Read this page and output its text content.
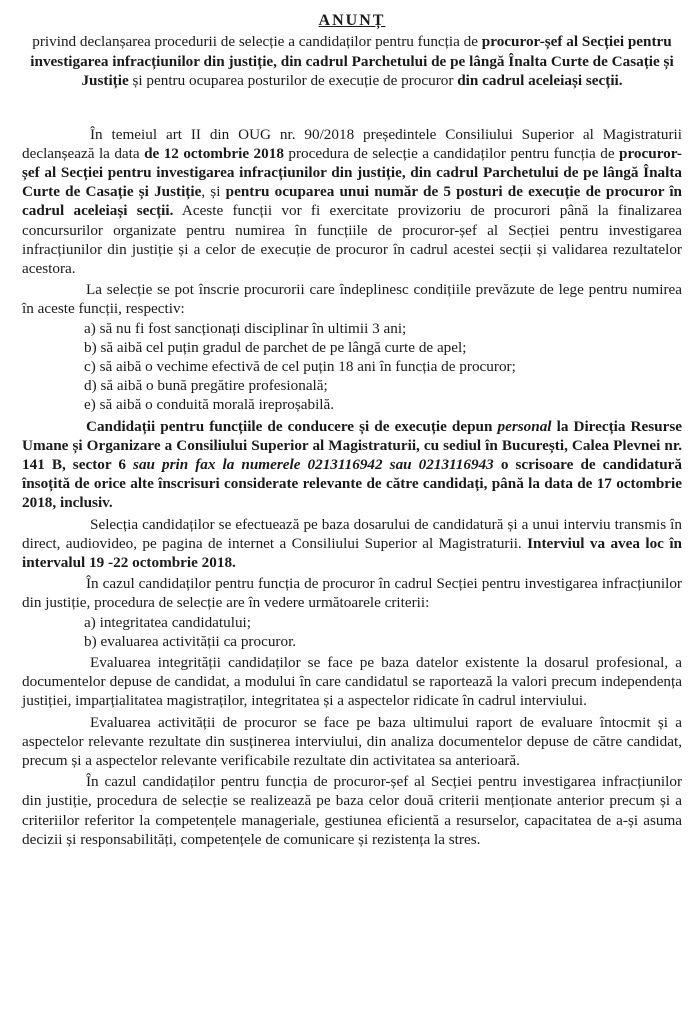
ANUNȚ
privind declanșarea procedurii de selecție a candidaților pentru funcția de procuror-șef al Secției pentru investigarea infracțiunilor din justiție, din cadrul Parchetului de pe lângă Înalta Curte de Casație și Justiție și pentru ocuparea posturilor de execuție de procuror din cadrul aceleiași secții.

În temeiul art II din OUG nr. 90/2018 președintele Consiliului Superior al Magistraturii declanșează la data de 12 octombrie 2018 procedura de selecție a candidaților pentru funcția de procuror-șef al Secției pentru investigarea infracțiunilor din justiție, din cadrul Parchetului de pe lângă Înalta Curte de Casație și Justiție, și pentru ocuparea unui număr de 5 posturi de execuție de procuror în cadrul aceleiași secții. Aceste funcții vor fi exercitate provizoriu de procurori până la finalizarea concursurilor organizate pentru numirea în funcțiile de procuror-șef al Secției pentru investigarea infracțiunilor din justiție și a celor de execuție de procuror în cadrul acestei secții și validarea rezultatelor acestora.

La selecție se pot înscrie procurorii care îndeplinesc condițiile prevăzute de lege pentru numirea în aceste funcții, respectiv:

a) să nu fi fost sancționați disciplinar în ultimii 3 ani;

b) să aibă cel puțin gradul de parchet de pe lângă curte de apel;

c) să aibă o vechime efectivă de cel puțin 18 ani în funcția de procuror;

d) să aibă o bună pregătire profesională;

e) să aibă o conduită morală ireproșabilă.

Candidații pentru funcțiile de conducere și de execuție depun personal la Direcția Resurse Umane și Organizare a Consiliului Superior al Magistraturii, cu sediul în București, Calea Plevnei nr. 141 B, sector 6 sau prin fax la numerele 0213116942 sau 0213116943 o scrisoare de candidatură însoțită de orice alte înscrisuri considerate relevante de către candidați, până la data de 17 octombrie 2018, inclusiv.

Selecția candidaților se efectuează pe baza dosarului de candidatură și a unui interviu transmis în direct, audiovideo, pe pagina de internet a Consiliului Superior al Magistraturii. Interviul va avea loc în intervalul 19 -22 octombrie 2018.

În cazul candidaților pentru funcția de procuror în cadrul Secției pentru investigarea infracțiunilor din justiție, procedura de selecție are în vedere următoarele criterii:

a) integritatea candidatului;

b) evaluarea activității ca procuror.

Evaluarea integrității candidaților se face pe baza datelor existente la dosarul profesional, a documentelor depuse de candidat, a modului în care candidatul se raportează la valori precum independența justiției, imparțialitatea magistraților, integritatea și a aspectelor ridicate în cadrul interviului.

Evaluarea activității de procuror se face pe baza ultimului raport de evaluare întocmit și a aspectelor relevante rezultate din susținerea interviului, din analiza documentelor depuse de către candidat, precum și a aspectelor relevante verificabile rezultate din activitatea sa anterioară.

În cazul candidaților pentru funcția de procuror-șef al Secției pentru investigarea infracțiunilor din justiție, procedura de selecție se realizează pe baza celor două criterii menționate anterior precum și a criteriilor referitor la competențele manageriale, gestiunea eficientă a resurselor, capacitatea de a-și asuma decizii și responsabilități, competențele de comunicare și rezistența la stres.
